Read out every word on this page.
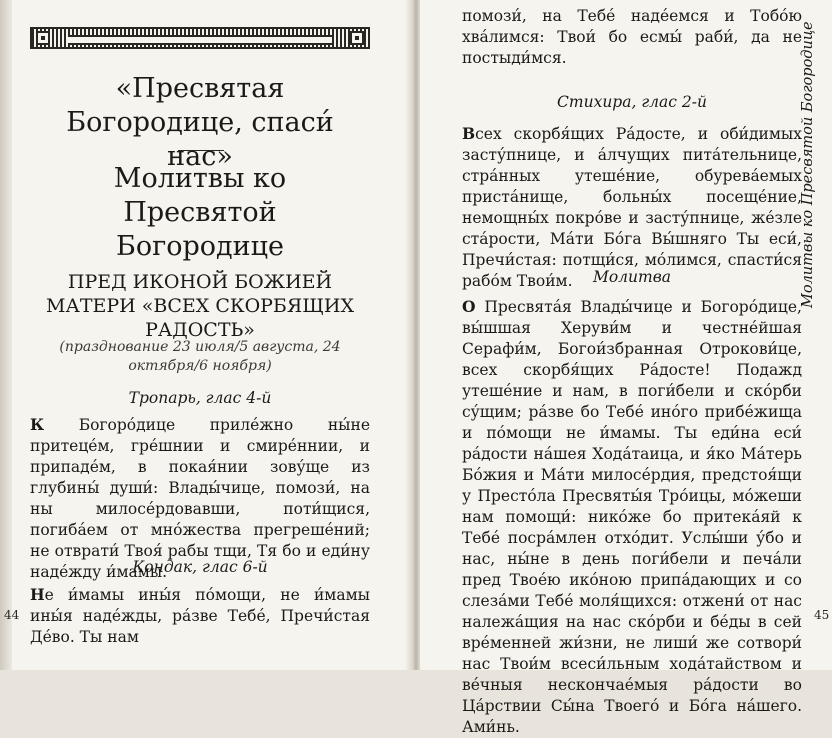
«Пресвятая Богородице, спаси́ нас»
Молитвы ко Пресвятой Богородице
ПРЕД ИКОНОЙ БОЖИЕЙ МАТЕРИ «ВСЕХ СКОРБЯЩИХ РАДОСТЬ»
(празднование 23 июля/5 августа, 24 октября/6 ноября)
Тропарь, глас 4-й

К Богоро́дице приле́жно ны́не притеце́м, гре́шнии и смире́ннии, и припаде́м, в покая́нии зову́ще из глубины́ души́: Влады́чице, помози́, на ны милосе́рдовавши, поти́щися, погиба́ем от мно́жества прегреше́ний; не отврати́ Твоя́ рабы тщи, Тя бо и еди́ну наде́жду и́мамы.

Кондак, глас 6-й

Не и́мамы ины́я по́мощи, не и́мамы ины́я наде́жды, ра́зве Тебе́, Пречи́стая Де́во. Ты нам

44

помози́, на Тебе́ наде́емся и Тобо́ю хва́лимся: Твои́ бо есмы́ раби́, да не постыди́мся.

Стихира, глас 2-й

Всех скорбя́щих Ра́досте, и оби́димых засту́пнице, и а́лчущих пита́тельнице, стра́нных утеше́ние, обурева́емых приста́нище, больны́х посеще́ние, немощны́х покро́ве и засту́пнице, же́зле ста́рости, Ма́ти Бо́га Вы́шняго Ты еси́, Пречи́стая: потщи́ся, мо́лимся, спасти́ся рабо́м Твои́м.	Молитва

О Пресвята́я Влады́чице и Богоро́дице, вы́шшая Херуви́м и честне́йшая Серафи́м, Богои́збранная Отрокови́це, всех скорбя́щих Ра́досте! Подажд утеше́ние и нам, в поги́бели и ско́рби су́щим; ра́зве бо Тебе́ ино́го прибе́жища и по́мощи не и́мамы. Ты еди́на еси́ ра́дости на́шея Хода́таица, и я́ко Ма́терь Бо́жия и Ма́ти милосе́рдия, предстоя́щи у Престо́ла Пресвяты́я Тро́ицы, мо́жеши нам помощи́: нико́же бо притека́яй к Тебе́ посра́млен отхо́дит. Услы́ши у́бо и нас, ны́не в день поги́бели и печа́ли пред Твое́ю ико́ною припа́дающих и со слеза́ми Тебе́ моля́щихся: отжени́ от нас належа́щия на нас ско́рби и бе́ды в сей вре́менней жи́зни, не лиши́ же сотвори́ нас Твои́м всеси́льным хода́тайством и ве́чныя нескончае́мыя ра́дости во Ца́рствии Сы́на Твоего́ и Бо́га на́шего. Ами́нь.

45
Молитвы ко Пресвятой Богородице
